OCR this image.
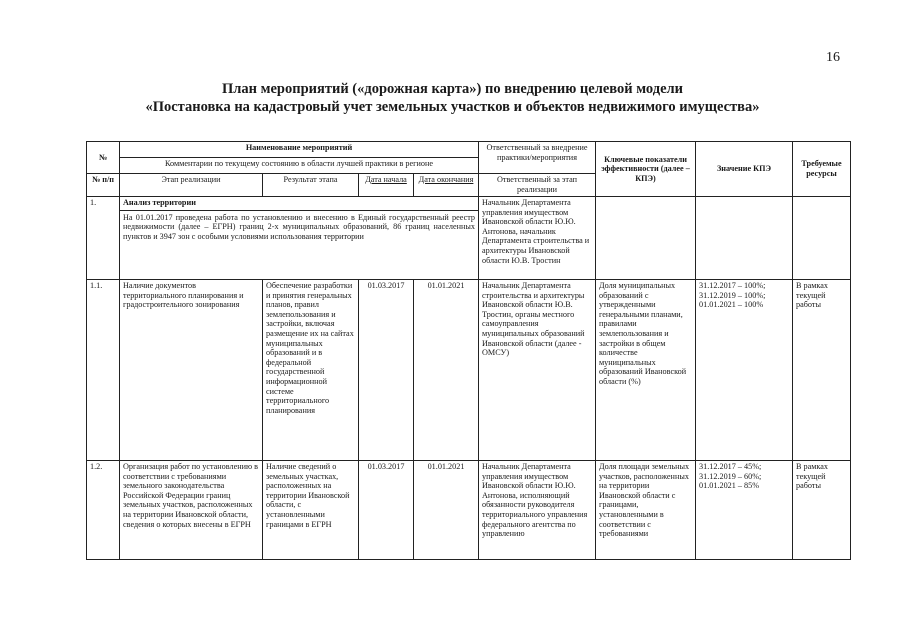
16
План мероприятий («дорожная карта») по внедрению целевой модели
«Постановка на кадастровый учет земельных участков и объектов недвижимого имущества»
№	Наименование мероприятий				Ответственный за внедрение практики/мероприятия	Ключевые показатели эффективности (далее – КПЭ)	Значение КПЭ	Требуемые ресурсы
	Комментарии по текущему состоянию в области лучшей практики в регионе							
№ п/п	Этап реализации	Результат этапа	Дата начала	Дата окончания	Ответственный за этап реализации			
1.	Анализ территории
На 01.01.2017 проведена работа по установлению и внесению в Единый государственный реестр недвижимости (далее – ЕГРН) границ 2-х муниципальных образований, 86 границ населенных пунктов и 3947 зон с особыми условиями использования территории				Начальник Департамента управления имуществом Ивановской области Ю.Ю. Антонова, начальник Департамента строительства и архитектуры Ивановской области Ю.В. Тростин			
1.1.	Наличие документов территориального планирования и градостроительного зонирования	Обеспечение разработки и принятия генеральных планов, правил землепользования и застройки, включая размещение их на сайтах муниципальных образований и в федеральной государственной информационной системе территориального планирования	01.03.2017	01.01.2021	Начальник Департамента строительства и архитектуры Ивановской области Ю.В. Тростин, органы местного самоуправления муниципальных образований Ивановской области (далее - ОМСУ)	Доля муниципальных образований с утвержденными генеральными планами, правилами землепользования и застройки в общем количестве муниципальных образований Ивановской области (%)	31.12.2017 – 100%; 31.12.2019 – 100%; 01.01.2021 – 100%	В рамках текущей работы
1.2.	Организация работ по установлению в соответствии с требованиями земельного законодательства Российской Федерации границ земельных участков, расположенных на территории Ивановской области, сведения о которых внесены в ЕГРН	Наличие сведений о земельных участках, расположенных на территории Ивановской области, с установленными границами в ЕГРН	01.03.2017	01.01.2021	Начальник Департамента управления имуществом Ивановской области Ю.Ю. Антонова, исполняющий обязанности руководителя территориального управления федерального агентства по управлению	Доля площади земельных участков, расположенных на территории Ивановской области с границами, установленными в соответствии с требованиями	31.12.2017 – 45%; 31.12.2019 – 60%; 01.01.2021 – 85%	В рамках текущей работы
